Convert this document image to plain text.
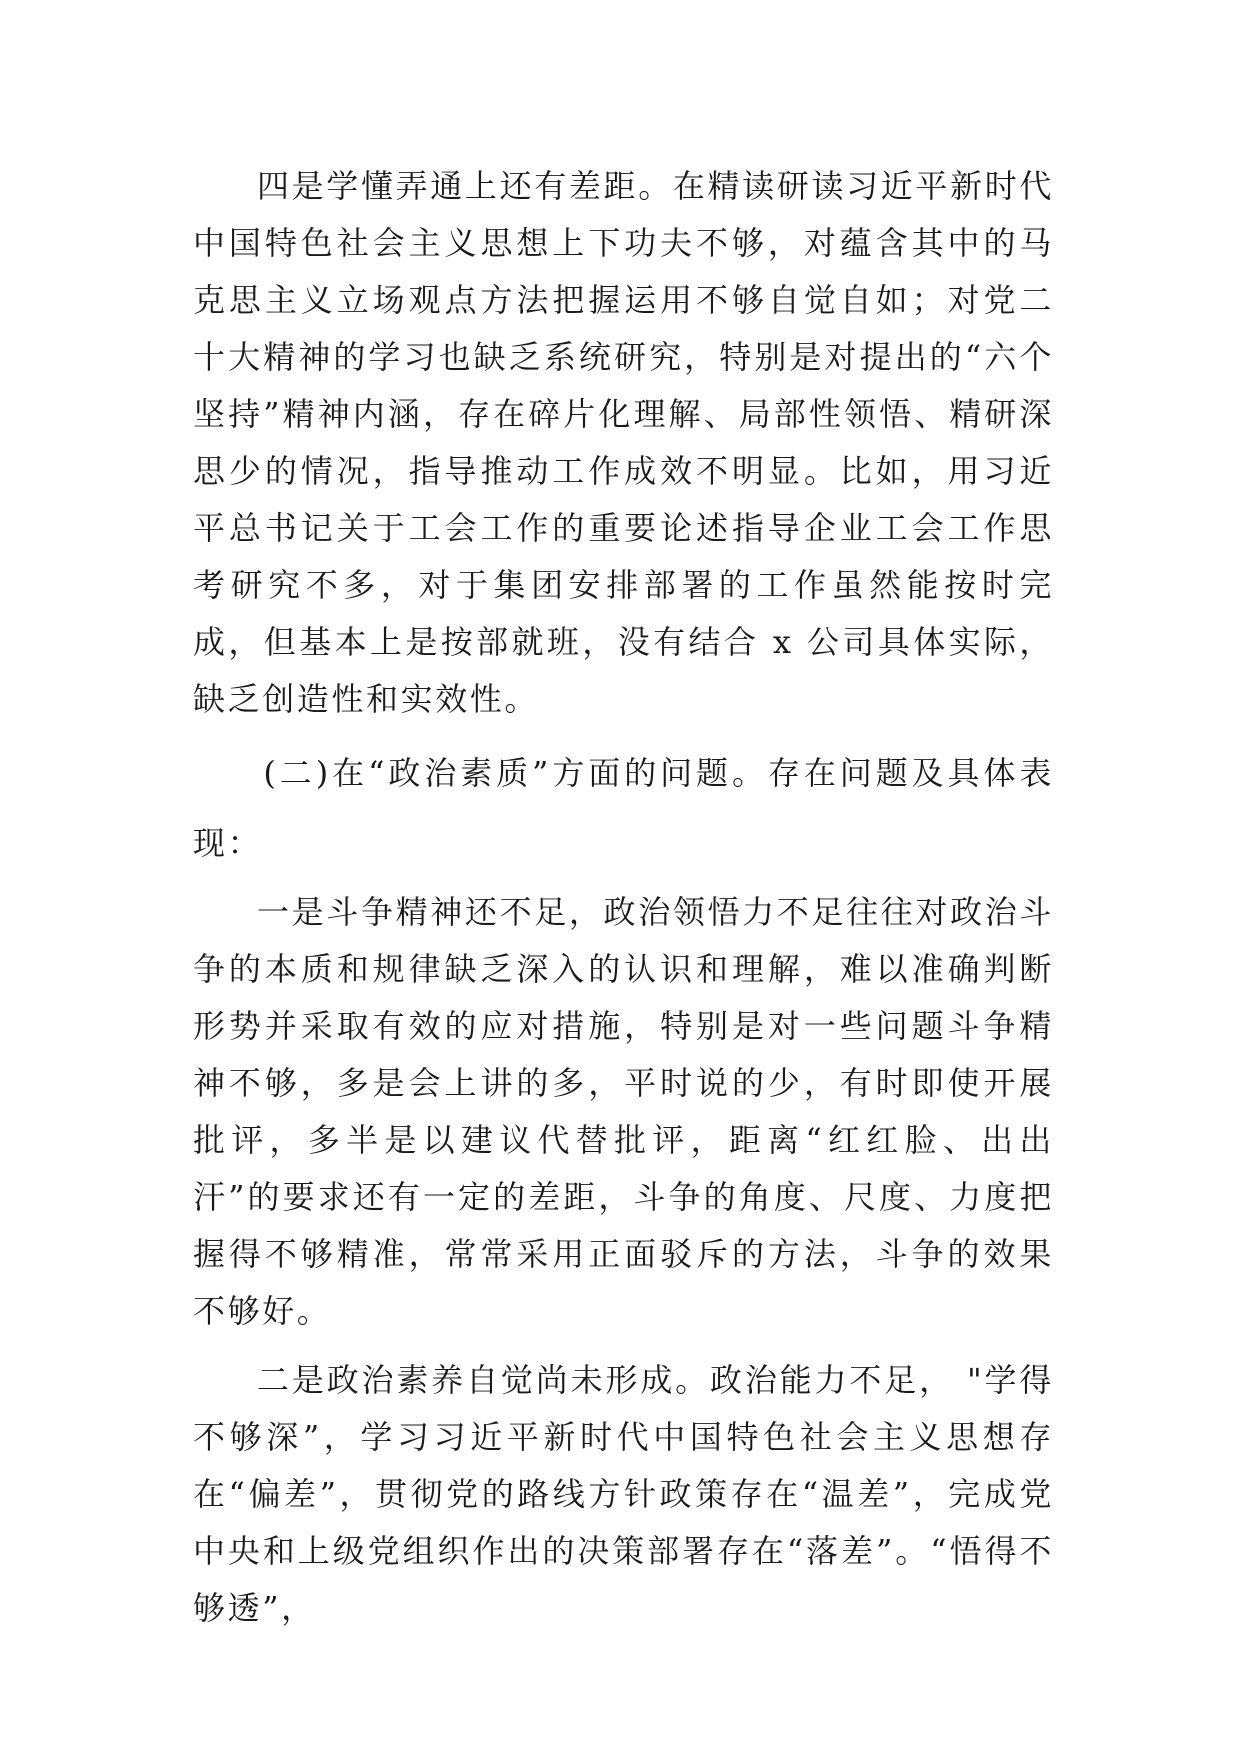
四是学懂弄通上还有差距。在精读研读习近平新时代中国特色社会主义思想上下功夫不够，对蕴含其中的马克思主义立场观点方法把握运用不够自觉自如；对党二十大精神的学习也缺乏系统研究，特别是对提出的“六个坚持”精神内涵，存在碎片化理解、局部性领悟、精研深思少的情况，指导推动工作成效不明显。比如，用习近平总书记关于工会工作的重要论述指导企业工会工作思考研究不多，对于集团安排部署的工作虽然能按时完成，但基本上是按部就班，没有结合 x 公司具体实际，缺乏创造性和实效性。

(二)在“政治素质”方面的问题。存在问题及具体表现：

一是斗争精神还不足，政治领悟力不足往往对政治斗争的本质和规律缺乏深入的认识和理解，难以准确判断形势并采取有效的应对措施，特别是对一些问题斗争精神不够，多是会上讲的多，平时说的少，有时即使开展批评，多半是以建议代替批评，距离“红红脸、出出汗”的要求还有一定的差距，斗争的角度、尺度、力度把握得不够精准，常常采用正面驳斥的方法，斗争的效果不够好。

二是政治素养自觉尚未形成。政治能力不足， "学得不够深”，学习习近平新时代中国特色社会主义思想存在“偏差”，贯彻党的路线方针政策存在“温差”，完成党中央和上级党组织作出的决策部署存在“落差”。“悟得不够透”，
